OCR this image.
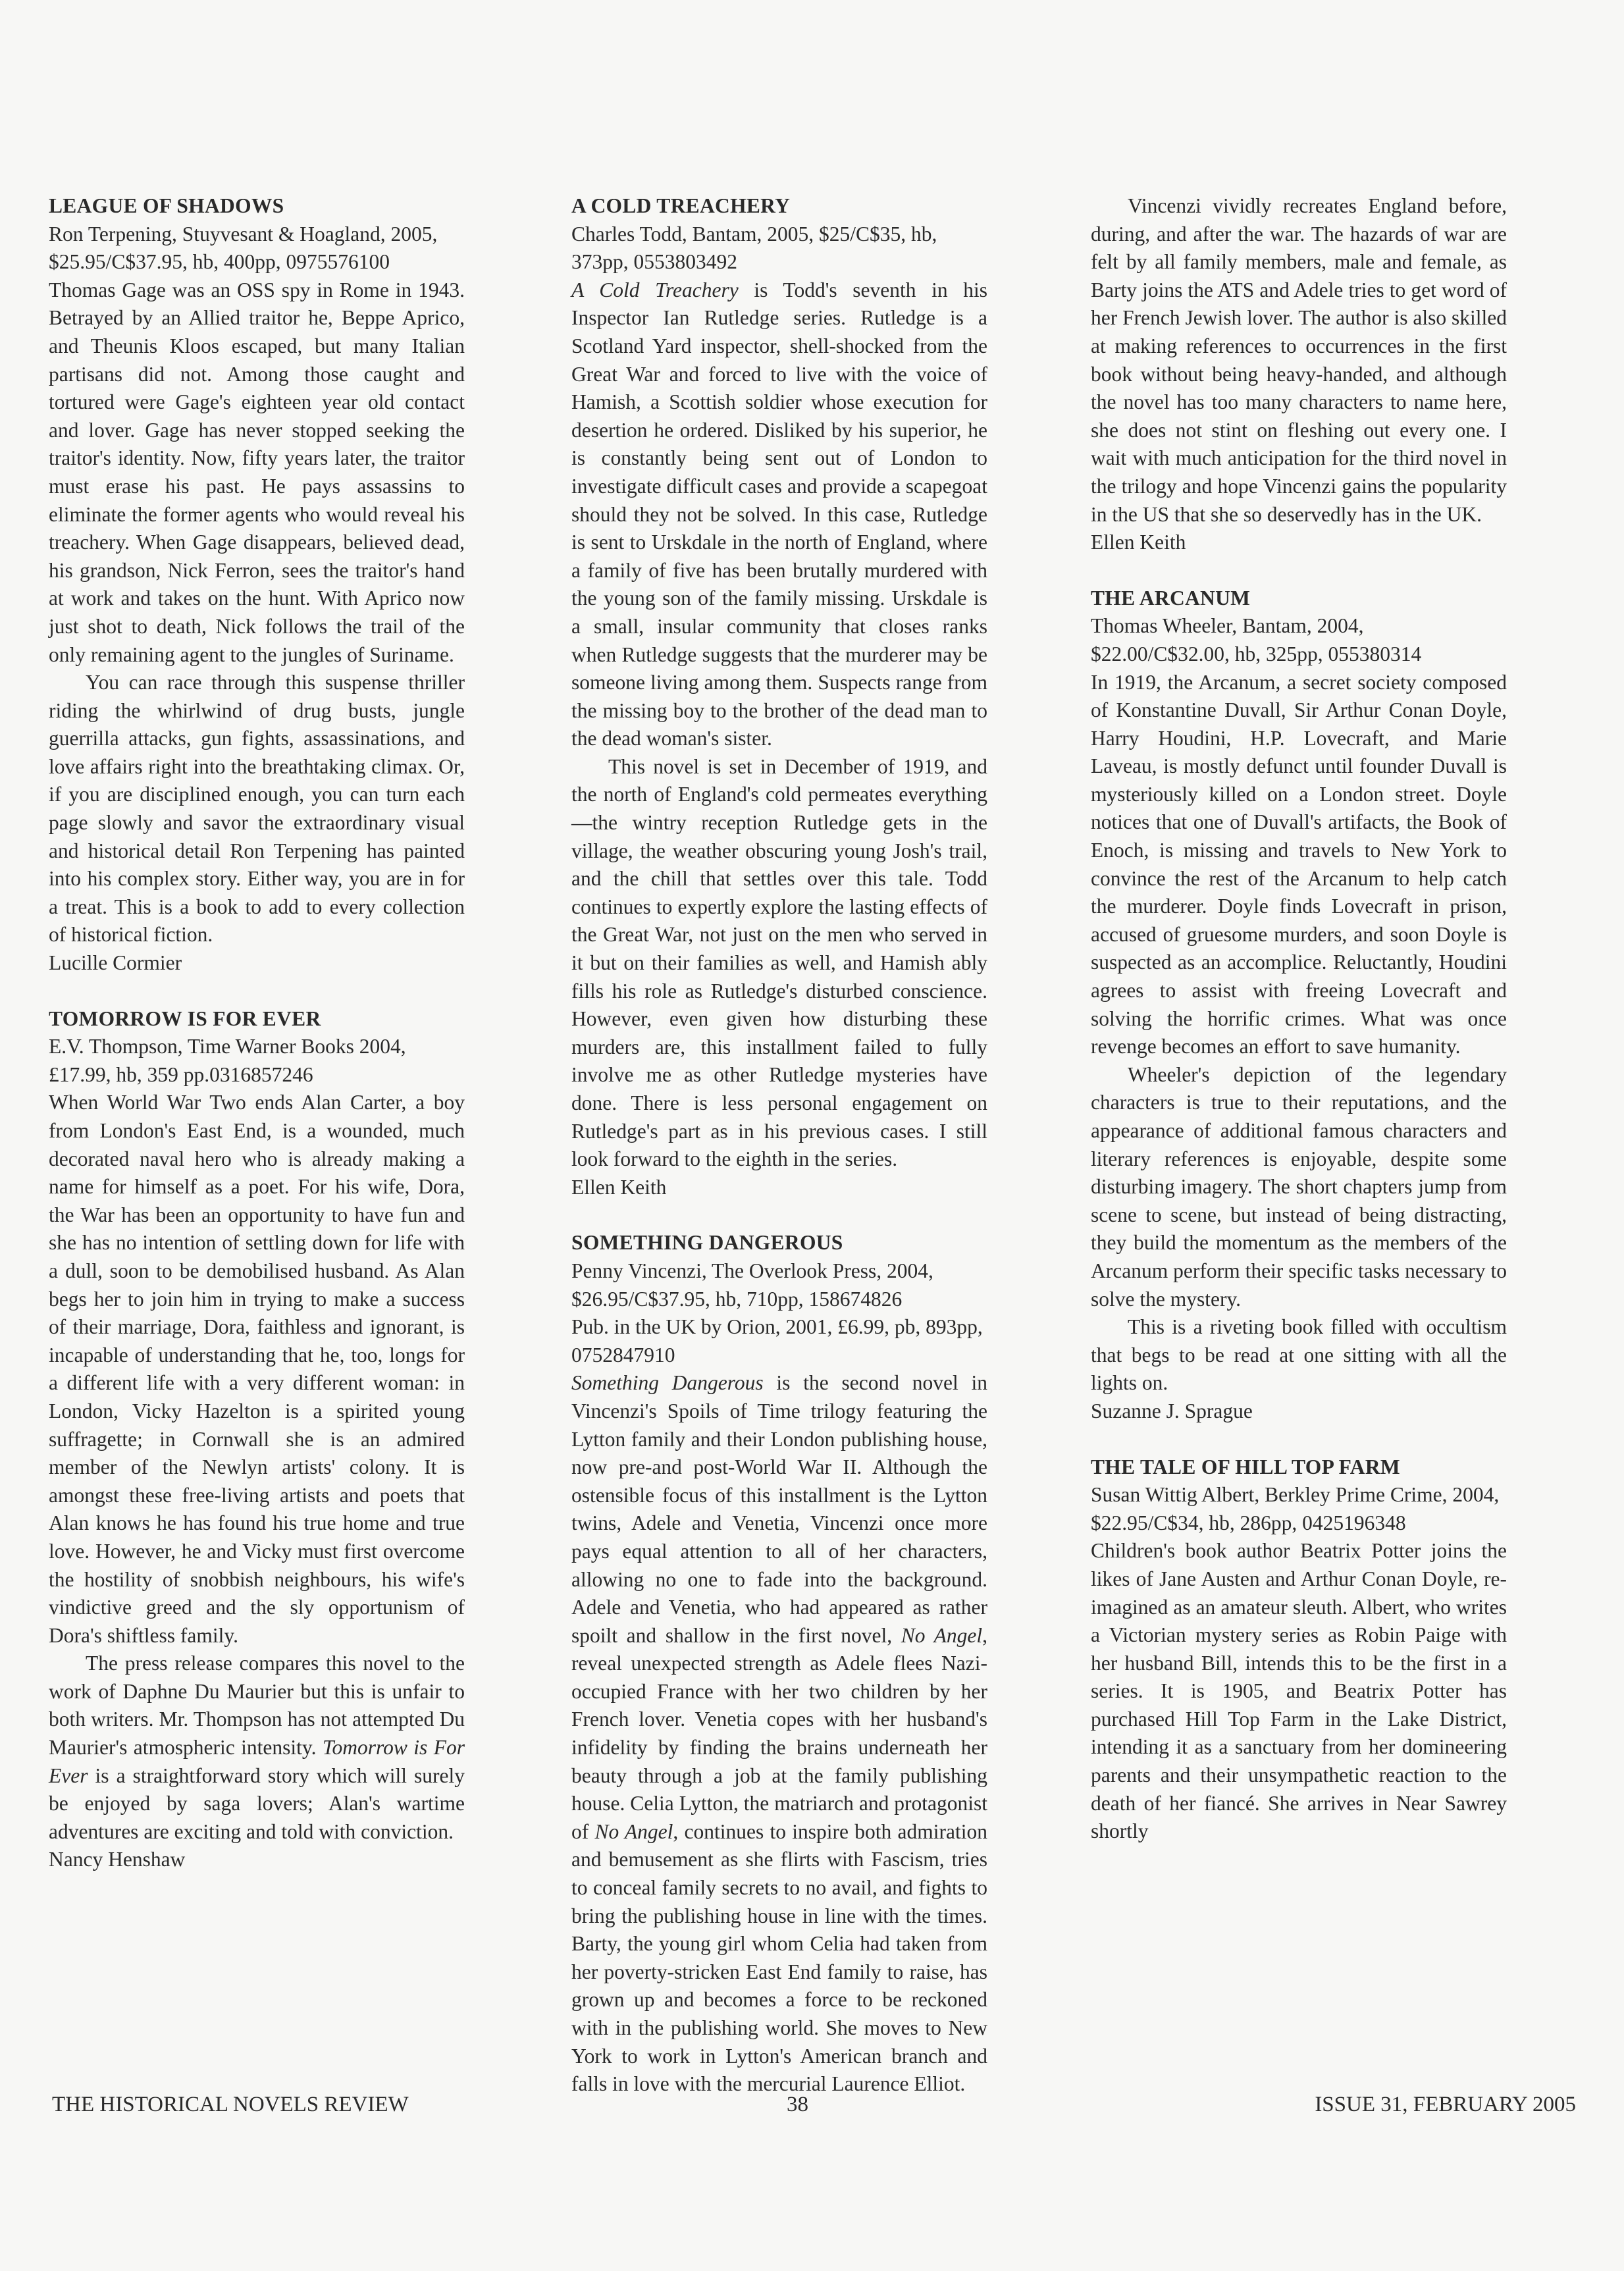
LEAGUE OF SHADOWS

Ron Terpening, Stuyvesant & Hoagland, 2005, $25.95/C$37.95, hb, 400pp, 0975576100

Thomas Gage was an OSS spy in Rome in 1943. Betrayed by an Allied traitor he, Beppe Aprico, and Theunis Kloos escaped, but many Italian partisans did not. Among those caught and tortured were Gage's eighteen year old contact and lover. Gage has never stopped seeking the traitor's identity. Now, fifty years later, the traitor must erase his past. He pays assassins to eliminate the former agents who would reveal his treachery. When Gage disappears, believed dead, his grandson, Nick Ferron, sees the traitor's hand at work and takes on the hunt. With Aprico now just shot to death, Nick follows the trail of the only remaining agent to the jungles of Suriname.

You can race through this suspense thriller riding the whirlwind of drug busts, jungle guerrilla attacks, gun fights, assassinations, and love affairs right into the breathtaking climax. Or, if you are disciplined enough, you can turn each page slowly and savor the extraordinary visual and historical detail Ron Terpening has painted into his complex story. Either way, you are in for a treat. This is a book to add to every collection of historical fiction.

Lucille Cormier

TOMORROW IS FOR EVER

E.V. Thompson, Time Warner Books 2004, £17.99, hb, 359 pp.0316857246

When World War Two ends Alan Carter, a boy from London's East End, is a wounded, much decorated naval hero who is already making a name for himself as a poet. For his wife, Dora, the War has been an opportunity to have fun and she has no intention of settling down for life with a dull, soon to be demobilised husband. As Alan begs her to join him in trying to make a success of their marriage, Dora, faithless and ignorant, is incapable of understanding that he, too, longs for a different life with a very different woman: in London, Vicky Hazelton is a spirited young suffragette; in Cornwall she is an admired member of the Newlyn artists' colony. It is amongst these free-living artists and poets that Alan knows he has found his true home and true love. However, he and Vicky must first overcome the hostility of snobbish neighbours, his wife's vindictive greed and the sly opportunism of Dora's shiftless family.

The press release compares this novel to the work of Daphne Du Maurier but this is unfair to both writers. Mr. Thompson has not attempted Du Maurier's atmospheric intensity. Tomorrow is For Ever is a straightforward story which will surely be enjoyed by saga lovers; Alan's wartime adventures are exciting and told with conviction.

Nancy Henshaw

A COLD TREACHERY

Charles Todd, Bantam, 2005, $25/C$35, hb, 373pp, 0553803492

A Cold Treachery is Todd's seventh in his Inspector Ian Rutledge series. Rutledge is a Scotland Yard inspector, shell-shocked from the Great War and forced to live with the voice of Hamish, a Scottish soldier whose execution for desertion he ordered. Disliked by his superior, he is constantly being sent out of London to investigate difficult cases and provide a scapegoat should they not be solved. In this case, Rutledge is sent to Urskdale in the north of England, where a family of five has been brutally murdered with the young son of the family missing. Urskdale is a small, insular community that closes ranks when Rutledge suggests that the murderer may be someone living among them. Suspects range from the missing boy to the brother of the dead man to the dead woman's sister.

This novel is set in December of 1919, and the north of England's cold permeates everything—the wintry reception Rutledge gets in the village, the weather obscuring young Josh's trail, and the chill that settles over this tale. Todd continues to expertly explore the lasting effects of the Great War, not just on the men who served in it but on their families as well, and Hamish ably fills his role as Rutledge's disturbed conscience. However, even given how disturbing these murders are, this installment failed to fully involve me as other Rutledge mysteries have done. There is less personal engagement on Rutledge's part as in his previous cases. I still look forward to the eighth in the series.

Ellen Keith

SOMETHING DANGEROUS

Penny Vincenzi, The Overlook Press, 2004, $26.95/C$37.95, hb, 710pp, 158674826

Pub. in the UK by Orion, 2001, £6.99, pb, 893pp, 0752847910

Something Dangerous is the second novel in Vincenzi's Spoils of Time trilogy featuring the Lytton family and their London publishing house, now pre-and post-World War II. Although the ostensible focus of this installment is the Lytton twins, Adele and Venetia, Vincenzi once more pays equal attention to all of her characters, allowing no one to fade into the background. Adele and Venetia, who had appeared as rather spoilt and shallow in the first novel, No Angel, reveal unexpected strength as Adele flees Nazi-occupied France with her two children by her French lover. Venetia copes with her husband's infidelity by finding the brains underneath her beauty through a job at the family publishing house. Celia Lytton, the matriarch and protagonist of No Angel, continues to inspire both admiration and bemusement as she flirts with Fascism, tries to conceal family secrets to no avail, and fights to bring the publishing house in line with the times. Barty, the young girl whom Celia had taken from her poverty-stricken East End family to raise, has grown up and becomes a force to be reckoned with in the publishing world. She moves to New York to work in Lytton's American branch and falls in love with the mercurial Laurence Elliot.

Vincenzi vividly recreates England before, during, and after the war. The hazards of war are felt by all family members, male and female, as Barty joins the ATS and Adele tries to get word of her French Jewish lover. The author is also skilled at making references to occurrences in the first book without being heavy-handed, and although the novel has too many characters to name here, she does not stint on fleshing out every one. I wait with much anticipation for the third novel in the trilogy and hope Vincenzi gains the popularity in the US that she so deservedly has in the UK.

Ellen Keith

THE ARCANUM

Thomas Wheeler, Bantam, 2004, $22.00/C$32.00, hb, 325pp, 055380314

In 1919, the Arcanum, a secret society composed of Konstantine Duvall, Sir Arthur Conan Doyle, Harry Houdini, H.P. Lovecraft, and Marie Laveau, is mostly defunct until founder Duvall is mysteriously killed on a London street. Doyle notices that one of Duvall's artifacts, the Book of Enoch, is missing and travels to New York to convince the rest of the Arcanum to help catch the murderer. Doyle finds Lovecraft in prison, accused of gruesome murders, and soon Doyle is suspected as an accomplice. Reluctantly, Houdini agrees to assist with freeing Lovecraft and solving the horrific crimes. What was once revenge becomes an effort to save humanity.

Wheeler's depiction of the legendary characters is true to their reputations, and the appearance of additional famous characters and literary references is enjoyable, despite some disturbing imagery. The short chapters jump from scene to scene, but instead of being distracting, they build the momentum as the members of the Arcanum perform their specific tasks necessary to solve the mystery.

This is a riveting book filled with occultism that begs to be read at one sitting with all the lights on.

Suzanne J. Sprague

THE TALE OF HILL TOP FARM

Susan Wittig Albert, Berkley Prime Crime, 2004, $22.95/C$34, hb, 286pp, 0425196348

Children's book author Beatrix Potter joins the likes of Jane Austen and Arthur Conan Doyle, re-imagined as an amateur sleuth. Albert, who writes a Victorian mystery series as Robin Paige with her husband Bill, intends this to be the first in a series. It is 1905, and Beatrix Potter has purchased Hill Top Farm in the Lake District, intending it as a sanctuary from her domineering parents and their unsympathetic reaction to the death of her fiancé. She arrives in Near Sawrey shortly

THE HISTORICAL NOVELS REVIEW	38	ISSUE 31, FEBRUARY 2005
